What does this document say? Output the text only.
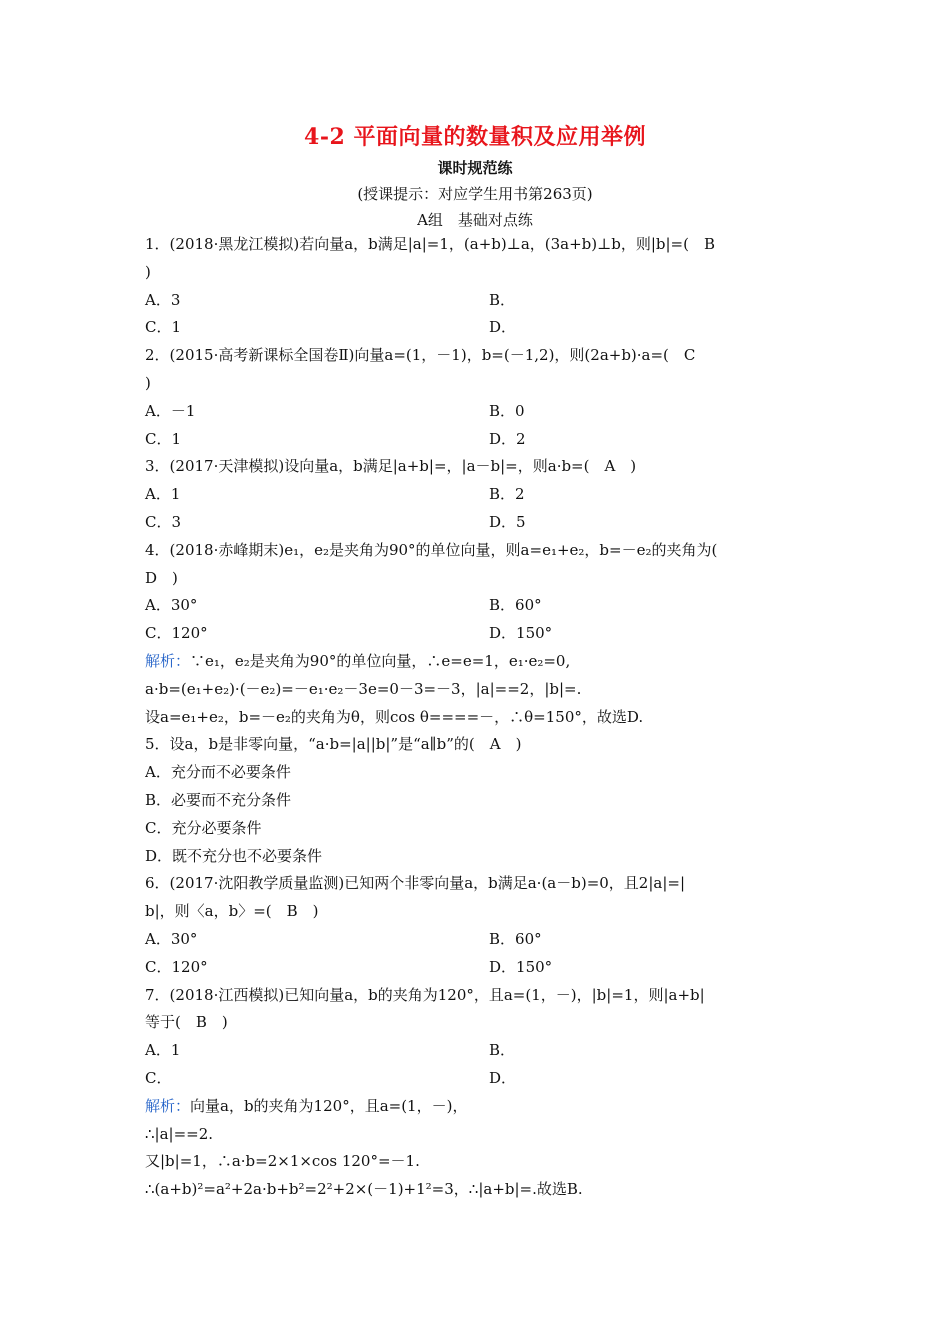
4-2 平面向量的数量积及应用举例
课时规范练
(授课提示：对应学生用书第263页)
A组　基础对点练
1．(2018·黑龙江模拟)若向量a，b满足|a|=1，(a+b)⊥a，(3a+b)⊥b，则|b|=(　B
)
A．3	B．
C．1	D．
2．(2015·高考新课标全国卷Ⅱ)向量a=(1，－1)，b=(－1,2)，则(2a+b)·a=(　C
)
A．－1	B．0
C．1	D．2
3．(2017·天津模拟)设向量a，b满足|a+b|=，|a－b|=，则a·b=(　A　)
A．1	B．2
C．3	D．5
4．(2018·赤峰期末)e₁，e₂是夹角为90°的单位向量，则a=e₁+e₂，b=－e₂的夹角为(
D　)
A．30°	B．60°
C．120°	D．150°
解析：∵e₁，e₂是夹角为90°的单位向量，∴e=e=1，e₁·e₂=0,
a·b=(e₁+e₂)·(－e₂)=－e₁·e₂－3e=0－3=－3，|a|==2，|b|=.
设a=e₁+e₂，b=－e₂的夹角为θ，则cos θ====－，∴θ=150°，故选D.
5．设a，b是非零向量，“a·b=|a||b|”是“a∥b”的(　A　)
A．充分而不必要条件
B．必要而不充分条件
C．充分必要条件
D．既不充分也不必要条件
6．(2017·沈阳教学质量监测)已知两个非零向量a，b满足a·(a－b)=0，且2|a|=|
b|，则〈a，b〉=(　B　)
A．30°	B．60°
C．120°	D．150°
7．(2018·江西模拟)已知向量a，b的夹角为120°，且a=(1，－)，|b|=1，则|a+b|
等于(　B　)
A．1	B．
C．	D．
解析：向量a，b的夹角为120°，且a=(1，－)，
∴|a|==2.
又|b|=1，∴a·b=2×1×cos 120°=－1.
∴(a+b)²=a²+2a·b+b²=2²+2×(－1)+1²=3，∴|a+b|=.故选B.
